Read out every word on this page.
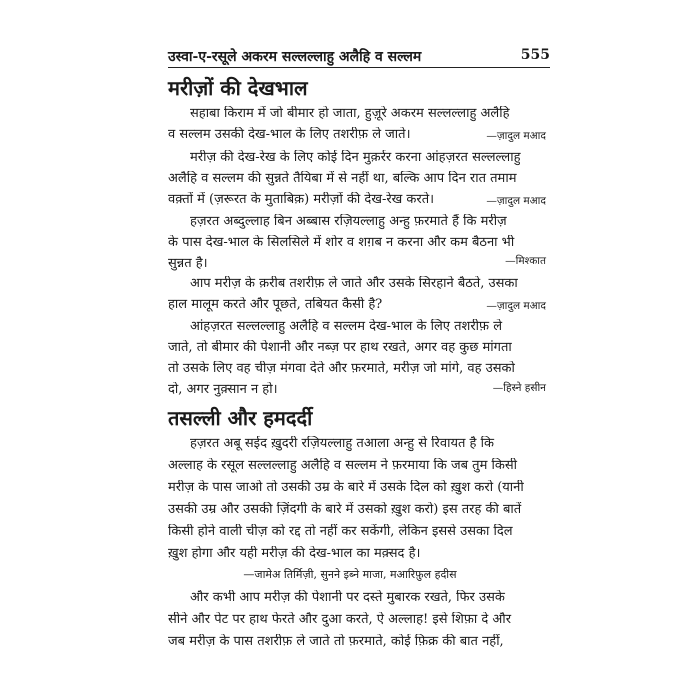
उस्वा-ए-रसूले अकरम सल्लल्लाहु अलैहि व सल्लम	555
मरीज़ों की देखभाल
सहाबा किराम में जो बीमार हो जाता, हुज़ूरे अकरम सल्लल्लाहु अलैहि
व सल्लम उसकी देख-भाल के लिए तशरीफ़ ले जाते।	—ज़ादुल मआद
मरीज़ की देख-रेख के लिए कोई दिन मुक़र्रर करना आंहज़रत सल्लल्लाहु
अलैहि व सल्लम की सुन्नते तैयिबा में से नहीं था, बल्कि आप दिन रात तमाम
वक़्तों में (ज़रूरत के मुताबिक़) मरीज़ों की देख-रेख करते।	—ज़ादुल मआद
हज़रत अब्दुल्लाह बिन अब्बास रज़ियल्लाहु अन्हु फ़रमाते हैं कि मरीज़
के पास देख-भाल के सिलसिले में शोर व शग़ब न करना और कम बैठना भी
सुन्नत है।	—मिश्कात
आप मरीज़ के क़रीब तशरीफ़ ले जाते और उसके सिरहाने बैठते, उसका
हाल मालूम करते और पूछते, तबियत कैसी है?	—ज़ादुल मआद
आंहज़रत सल्लल्लाहु अलैहि व सल्लम देख-भाल के लिए तशरीफ़ ले
जाते, तो बीमार की पेशानी और नब्ज़ पर हाथ रखते, अगर वह कुछ मांगता
तो उसके लिए वह चीज़ मंगवा देते और फ़रमाते, मरीज़ जो मांगे, वह उसको
दो, अगर नुक़्सान न हो।	—हिस्ने हसीन
तसल्ली और हमदर्दी
हज़रत अबू सईद ख़ुदरी रज़ियल्लाहु तआला अन्हु से रिवायत है कि
अल्लाह के रसूल सल्लल्लाहु अलैहि व सल्लम ने फ़रमाया कि जब तुम किसी
मरीज़ के पास जाओ तो उसकी उम्र के बारे में उसके दिल को ख़ुश करो (यानी
उसकी उम्र और उसकी ज़िंदगी के बारे में उसको ख़ुश करो) इस तरह की बातें
किसी होने वाली चीज़ को रद्द तो नहीं कर सकेंगी, लेकिन इससे उसका दिल
ख़ुश होगा और यही मरीज़ की देख-भाल का मक़्सद है।
—जामेअ तिर्मिज़ी, सुनने इब्ने माजा, मआरिफ़ुल हदीस
और कभी आप मरीज़ की पेशानी पर दस्ते मुबारक रखते, फिर उसके
सीने और पेट पर हाथ फेरते और दुआ करते, ऐ अल्लाह! इसे शिफ़ा दे और
जब मरीज़ के पास तशरीफ़ ले जाते तो फ़रमाते, कोई फ़िक्र की बात नहीं,
